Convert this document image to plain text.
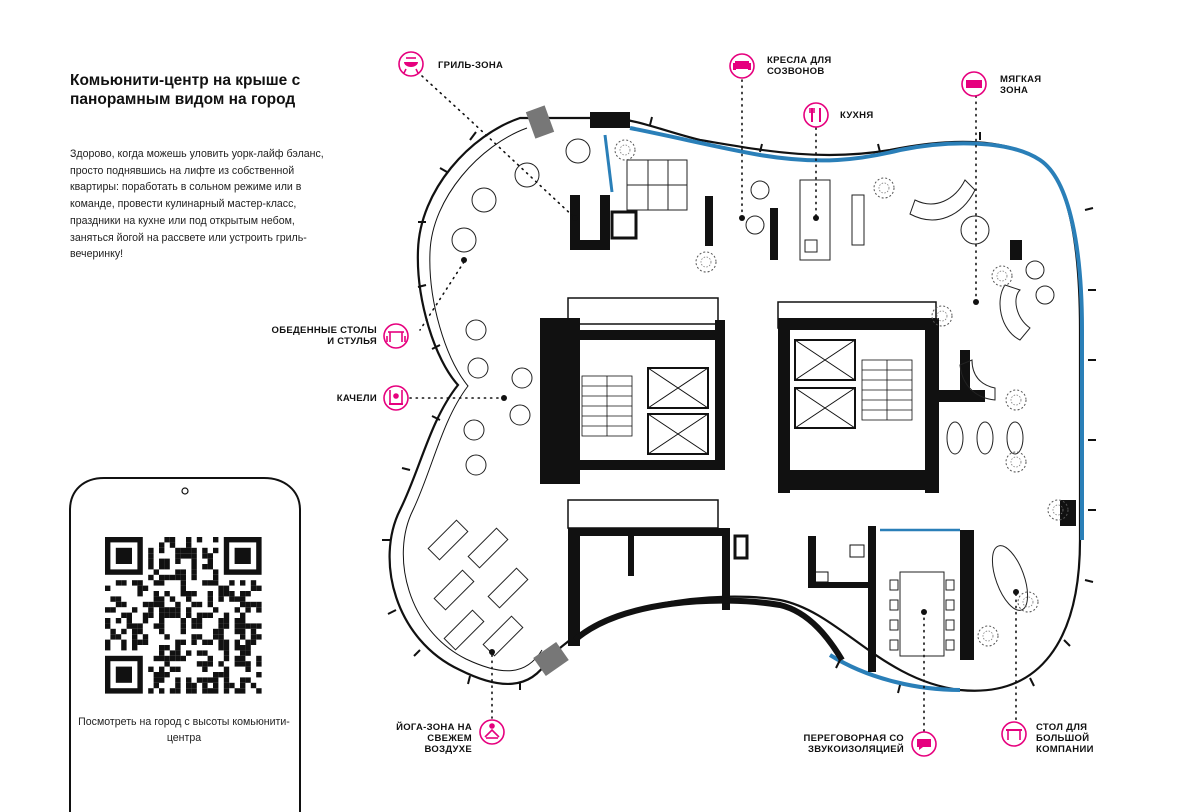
Комьюнити-центр на крыше с панорамным видом на город
Здорово, когда можешь уловить уорк-лайф бэланс, просто поднявшись на лифте из собственной квартиры: поработать в сольном режиме или в команде, провести кулинарный мастер-класс, праздники на кухне или под открытым небом, заняться йогой на рассвете или устроить гриль-вечеринку!
ГРИЛЬ-ЗОНА	КРЕСЛА ДЛЯ СОЗВОНОВ
КУХНЯ
МЯГКАЯ ЗОНА
ОБЕДЕННЫЕ СТОЛЫ И СТУЛЬЯ
КАЧЕЛИ
ЙОГА-ЗОНА НА СВЕЖЕМ ВОЗДУХЕ
ПЕРЕГОВОРНАЯ СО ЗВУКОИЗОЛЯЦИЕЙ
СТОЛ ДЛЯ БОЛЬШОЙ КОМПАНИИ
Посмотреть на город с высоты комьюнити-центра
